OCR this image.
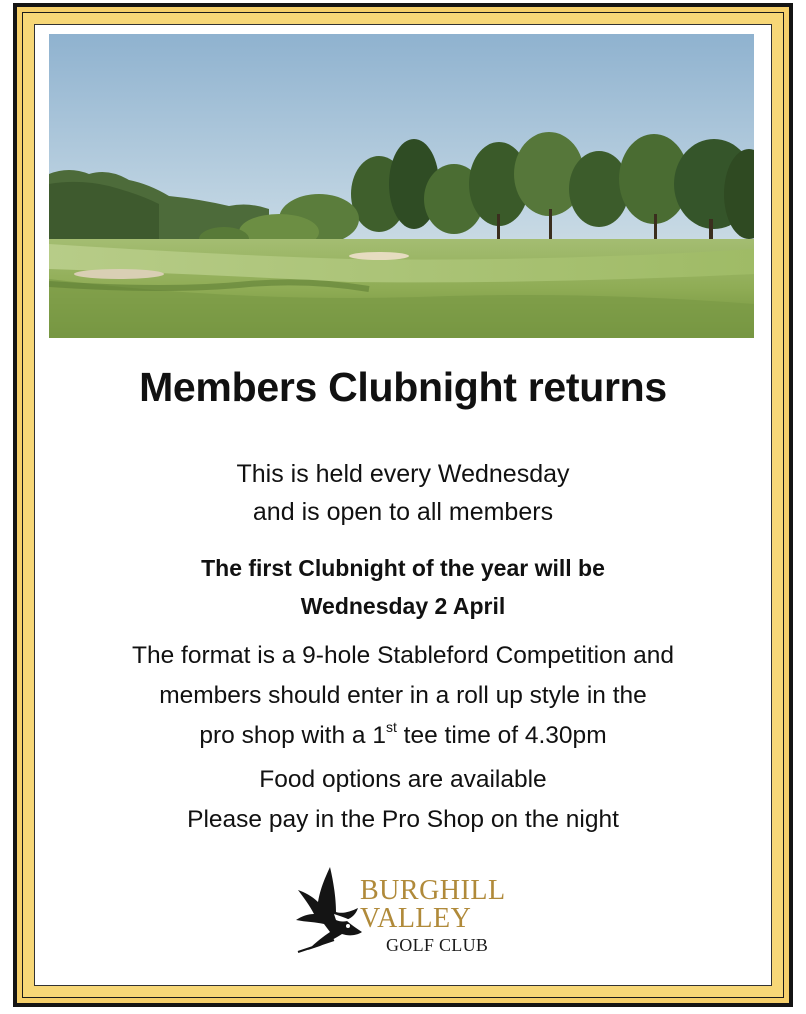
Members Clubnight returns

This is held every Wednesday
and is open to all members

The first Clubnight of the year will be
Wednesday 2 April

The format is a 9-hole Stableford Competition and
members should enter in a roll up style in the
pro shop with a 1st tee time of 4.30pm

Food options are available
Please pay in the Pro Shop on the night

BURGHILL
VALLEY
GOLF CLUB
